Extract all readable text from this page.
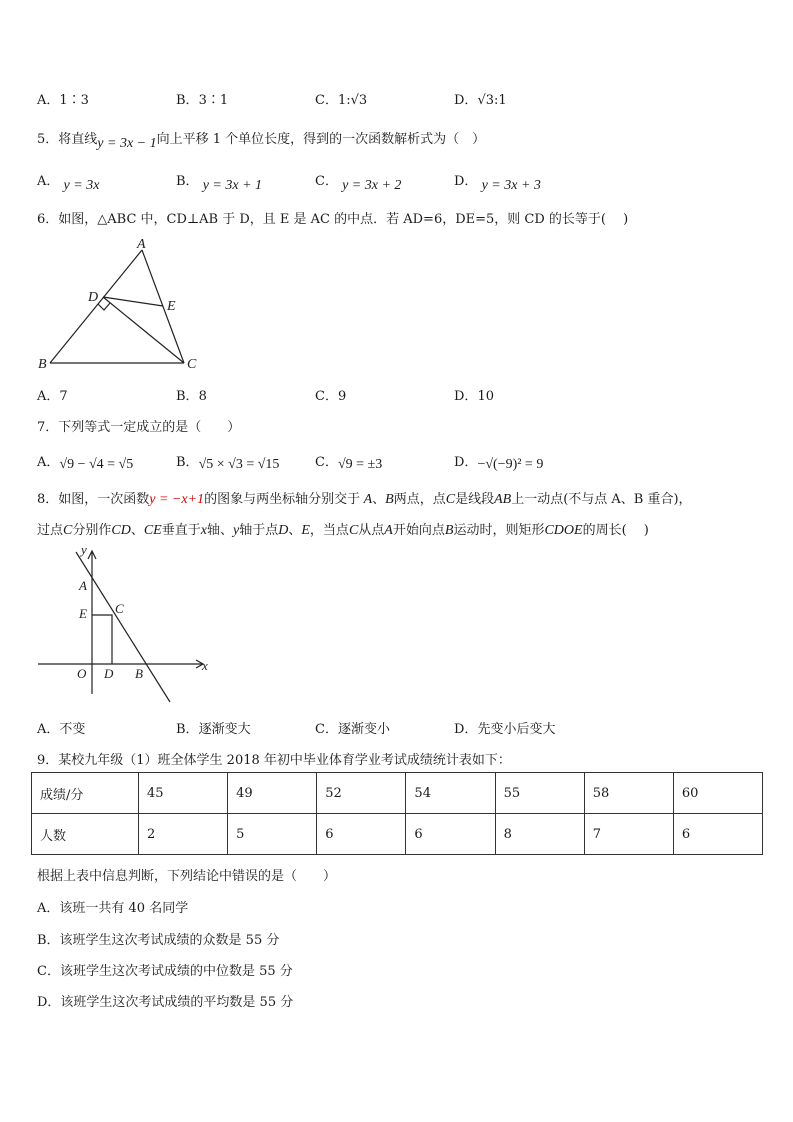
A．1∶3	B．3∶1	C．1:√3	D．√3:1
5．将直线y = 3x − 1向上平移 1 个单位长度，得到的一次函数解析式为（　）
A． y = 3x	B． y = 3x + 1	C． y = 3x + 2	D． y = 3x + 3
6．如图，△ABC 中，CD⊥AB 于 D，且 E 是 AC 的中点．若 AD=6，DE=5，则 CD 的长等于(　 )
A
B	C
D
E
A．7	B．8	C．9	D．10
7．下列等式一定成立的是（　　）
A．√9 − √4 = √5	B．√5 × √3 = √15	C．√9 = ±3	D．−√(−9)² = 9
8．如图，一次函数y = −x+1的图象与两坐标轴分别交于 A、B两点，点C是线段AB上一动点(不与点 A、B 重合)，
过点C分别作CD、CE垂直于x轴、y轴于点D、E，当点C从点A开始向点B运动时，则矩形CDOE的周长(　 )
y
x
A
E C
O D B
A．不变	B．逐渐变大	C．逐渐变小	D．先变小后变大
9．某校九年级（1）班全体学生 2018 年初中毕业体育学业考试成绩统计表如下：
成绩/分	45	49	52	54	55	58	60
人数	2	5	6	6	8	7	6
根据上表中信息判断，下列结论中错误的是（　　）
A．该班一共有 40 名同学
B．该班学生这次考试成绩的众数是 55 分
C．该班学生这次考试成绩的中位数是 55 分
D．该班学生这次考试成绩的平均数是 55 分
